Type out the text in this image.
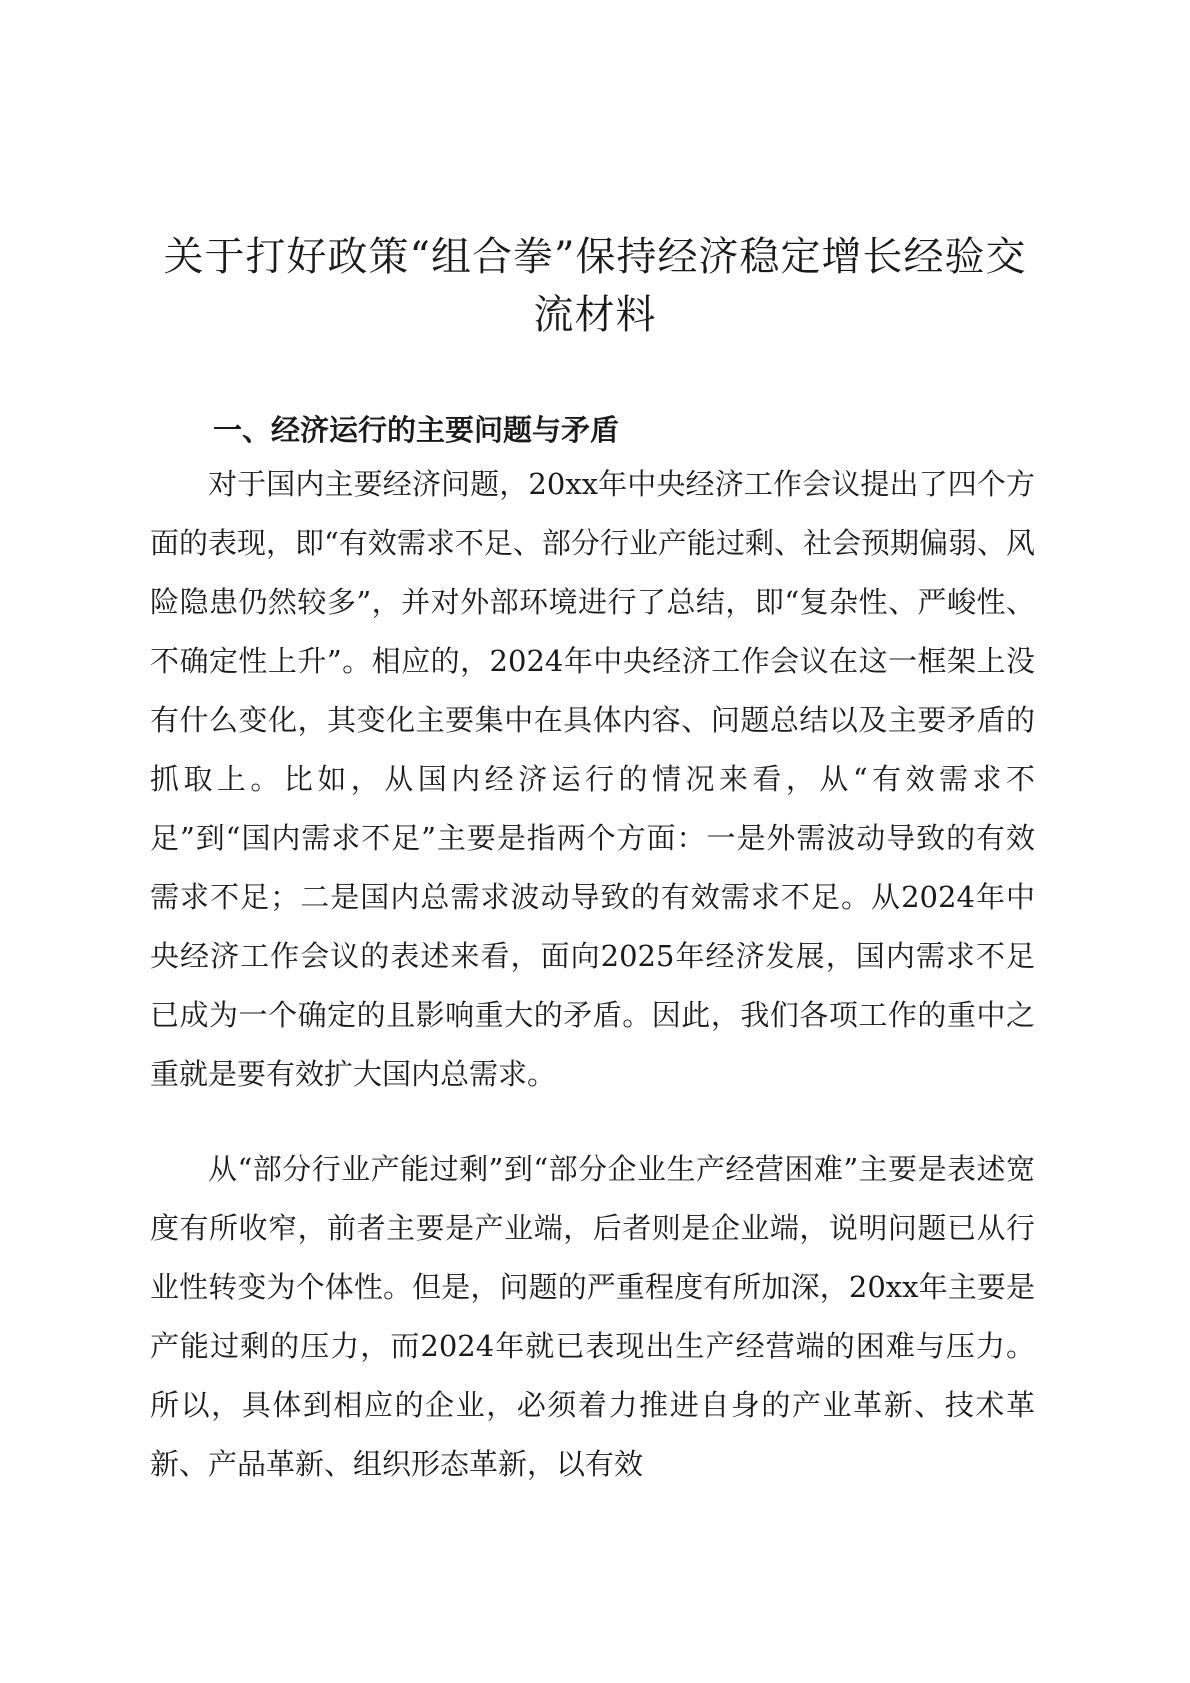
关于打好政策“组合拳”保持经济稳定增长经验交流材料
一、经济运行的主要问题与矛盾

对于国内主要经济问题，20xx年中央经济工作会议提出了四个方面的表现，即“有效需求不足、部分行业产能过剩、社会预期偏弱、风险隐患仍然较多”，并对外部环境进行了总结，即“复杂性、严峻性、不确定性上升”。相应的，2024年中央经济工作会议在这一框架上没有什么变化，其变化主要集中在具体内容、问题总结以及主要矛盾的抓取上。比如，从国内经济运行的情况来看，从“有效需求不足”到“国内需求不足”主要是指两个方面：一是外需波动导致的有效需求不足；二是国内总需求波动导致的有效需求不足。从2024年中央经济工作会议的表述来看，面向2025年经济发展，国内需求不足已成为一个确定的且影响重大的矛盾。因此，我们各项工作的重中之重就是要有效扩大国内总需求。

从“部分行业产能过剩”到“部分企业生产经营困难”主要是表述宽度有所收窄，前者主要是产业端，后者则是企业端，说明问题已从行业性转变为个体性。但是，问题的严重程度有所加深，20xx年主要是产能过剩的压力，而2024年就已表现出生产经营端的困难与压力。所以，具体到相应的企业，必须着力推进自身的产业革新、技术革新、产品革新、组织形态革新，以有效
